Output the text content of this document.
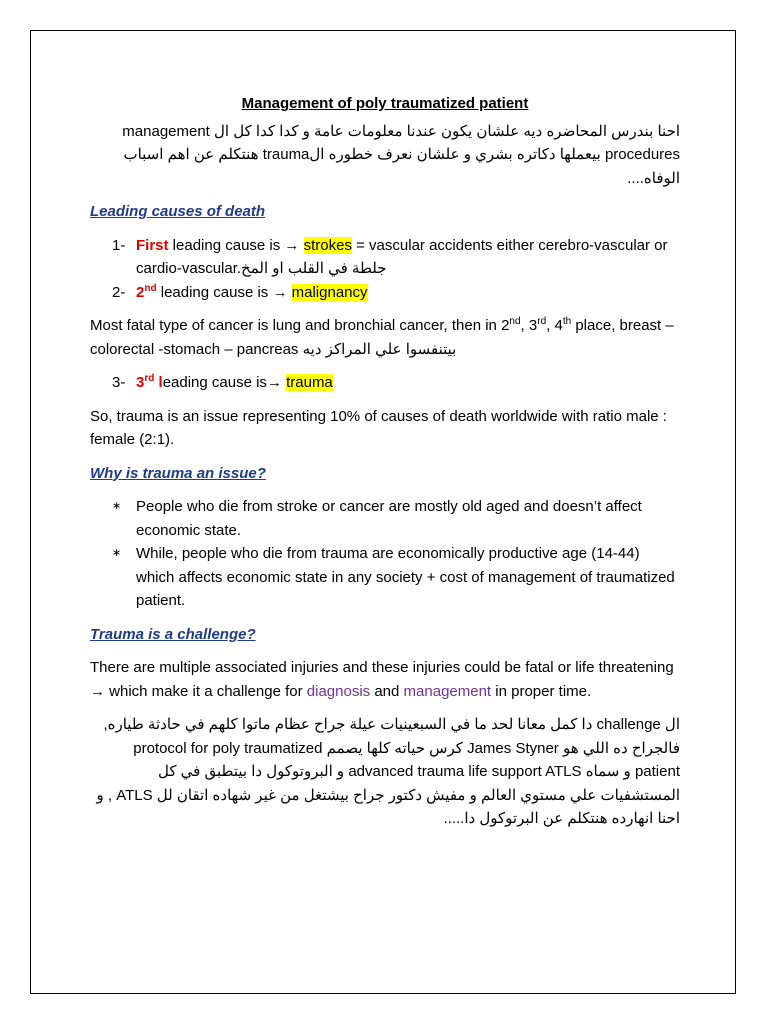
Management of poly traumatized patient

احنا بندرس المحاضره ديه علشان يكون عندنا معلومات عامة و كدا كدا كل ال management

procedures بيعملها دكاتره بشري و علشان نعرف خطوره الtrauma هنتكلم عن اهم اسباب الوفاه....

Leading causes of death

1- First leading cause is → strokes = vascular accidents either cerebro-vascular or cardio-vascular.جلطة في القلب او المخ
2- 2nd leading cause is → malignancy

Most fatal type of cancer is lung and bronchial cancer, then in 2nd, 3rd, 4th place, breast – colorectal -stomach – pancreas بيتنفسوا علي المراكز ديه

3- 3rd leading cause is→ trauma

So, trauma is an issue representing 10% of causes of death worldwide with ratio male : female (2:1).

Why is trauma an issue?

∗ People who die from stroke or cancer are mostly old aged and doesn’t affect economic state.
∗ While, people who die from trauma are economically productive age (14-44) which affects economic state in any society + cost of management of traumatized patient.

Trauma is a challenge?

There are multiple associated injuries and these injuries could be fatal or life threatening → which make it a challenge for diagnosis and management in proper time.

ال challenge دا كمل معانا لحد ما في السبعينيات عيلة جراح عظام ماتوا كلهم في حادثة طياره, فالجراح ده اللي هو James Styner كرس حياته كلها يصمم protocol for poly traumatized patient و سماه advanced trauma life support ATLS و البروتوكول دا بيتطبق في كل المستشفيات علي مستوي العالم و مفيش دكتور جراح بيشتغل من غير شهاده اتقان لل ATLS , و احنا انهارده هنتكلم عن البرتوكول دا.....
